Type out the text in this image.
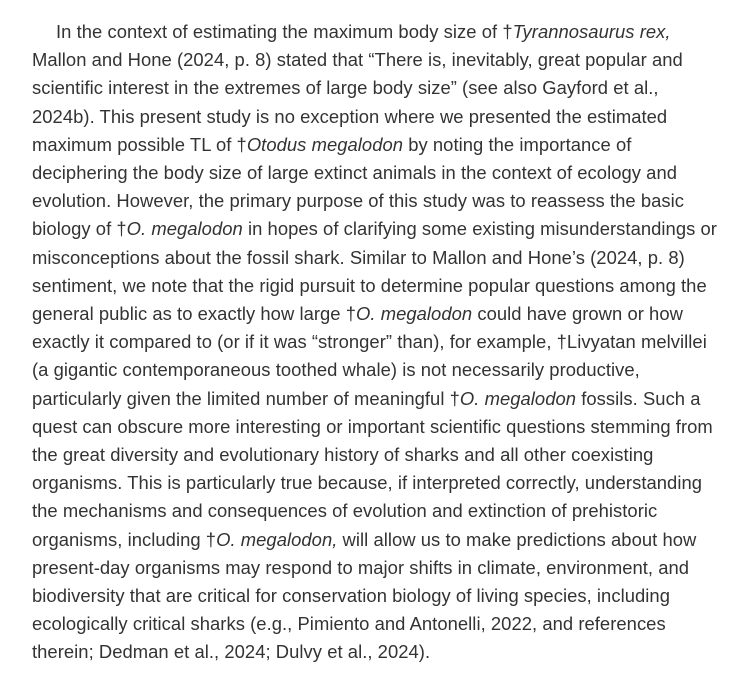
In the context of estimating the maximum body size of †Tyrannosaurus rex, Mallon and Hone (2024, p. 8) stated that “There is, inevitably, great popular and scientific interest in the extremes of large body size” (see also Gayford et al., 2024b). This present study is no exception where we presented the estimated maximum possible TL of †Otodus megalodon by noting the importance of deciphering the body size of large extinct animals in the context of ecology and evolution. However, the primary purpose of this study was to reassess the basic biology of †O. megalodon in hopes of clarifying some existing misunderstandings or misconceptions about the fossil shark. Similar to Mallon and Hone’s (2024, p. 8) sentiment, we note that the rigid pursuit to determine popular questions among the general public as to exactly how large †O. megalodon could have grown or how exactly it compared to (or if it was “stronger” than), for example, †Livyatan melvillei (a gigantic contemporaneous toothed whale) is not necessarily productive, particularly given the limited number of meaningful †O. megalodon fossils. Such a quest can obscure more interesting or important scientific questions stemming from the great diversity and evolutionary history of sharks and all other coexisting organisms. This is particularly true because, if interpreted correctly, understanding the mechanisms and consequences of evolution and extinction of prehistoric organisms, including †O. megalodon, will allow us to make predictions about how present-day organisms may respond to major shifts in climate, environment, and biodiversity that are critical for conservation biology of living species, including ecologically critical sharks (e.g., Pimiento and Antonelli, 2022, and references therein; Dedman et al., 2024; Dulvy et al., 2024).
